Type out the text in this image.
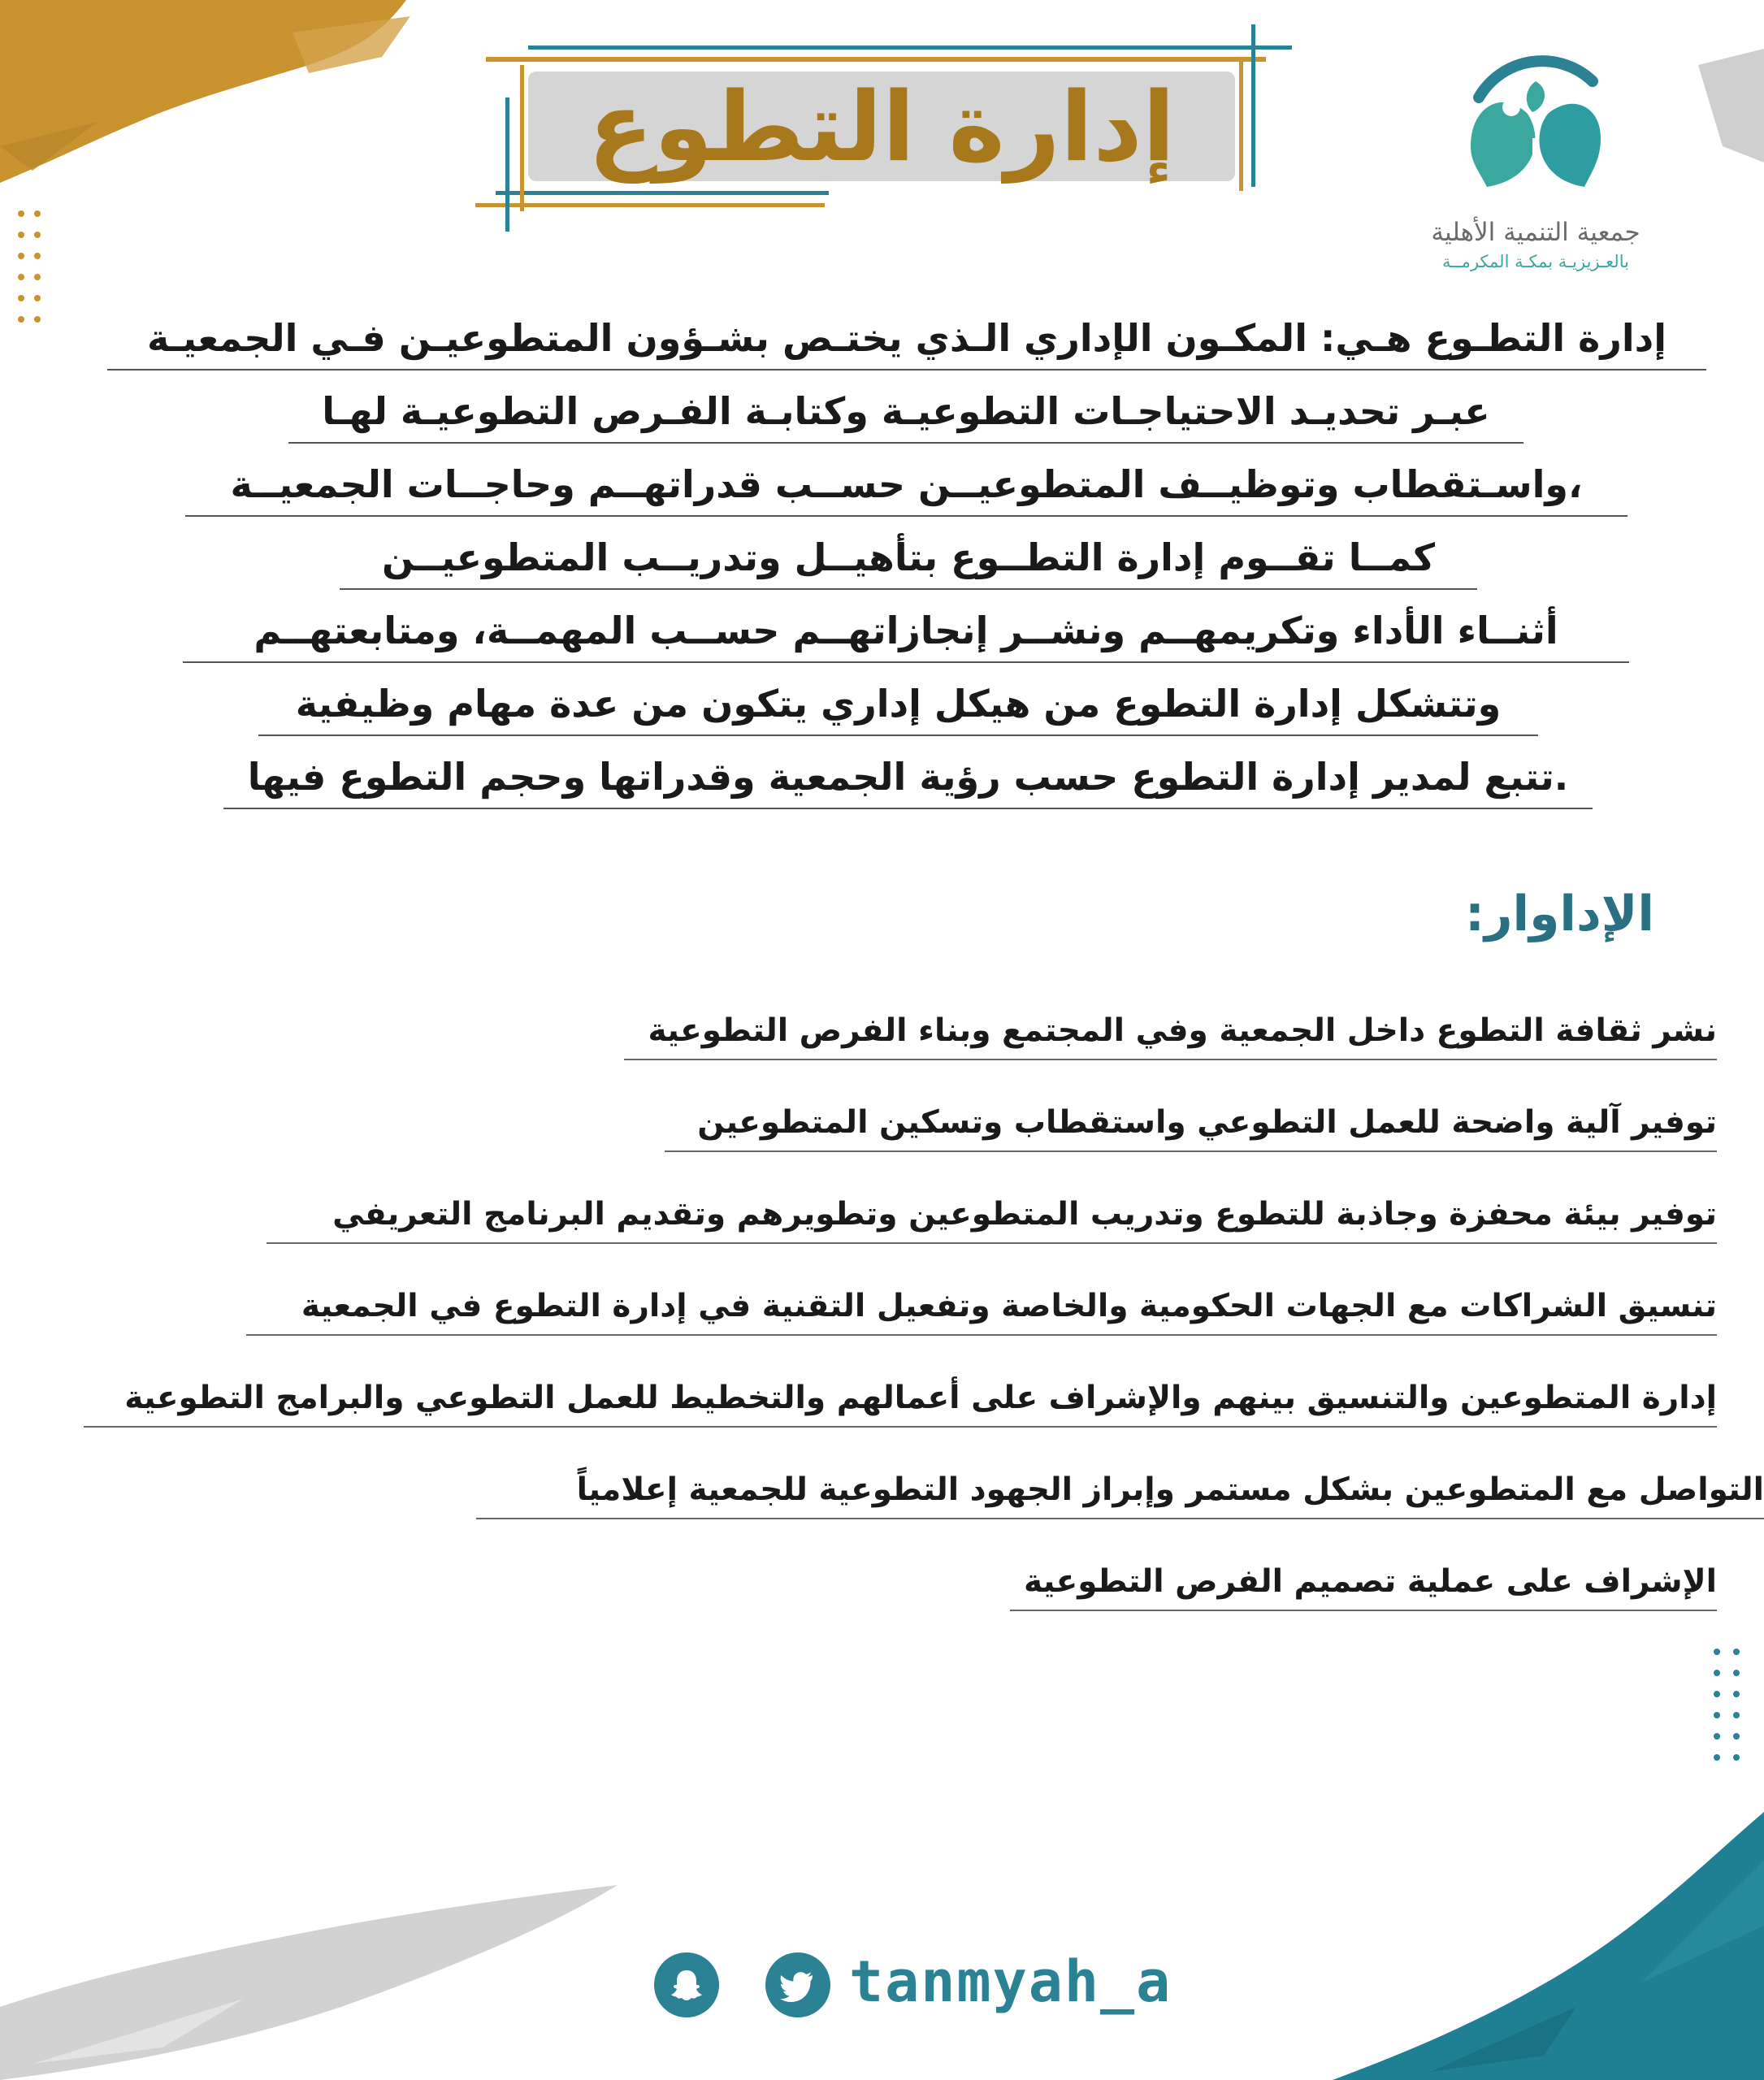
إدارة التطوع
جمعية التنمية الأهلية
بالعـزيزيـة بمكـة المكرمــة
إدارة التطـوع هـي: المكـون الإداري الـذي يختـص بشـؤون المتطوعيـن فـي الجمعيـة
عبـر تحديـد الاحتياجـات التطوعيـة وكتابـة الفـرص التطوعيـة لهـا
،واسـتقطاب وتوظيــف المتطوعيــن حســب قدراتهــم وحاجــات الجمعيــة
كمــا تقــوم إدارة التطــوع بتأهيــل وتدريــب المتطوعيــن
أثنــاء الأداء وتكريمهــم ونشــر إنجازاتهــم حســب المهمــة، ومتابعتهــم
وتتشكل إدارة التطوع من هيكل إداري يتكون من عدة مهام وظيفية
.تتبع لمدير إدارة التطوع حسب رؤية الجمعية وقدراتها وحجم التطوع فيها
الإداوار:
نشر ثقافة التطوع داخل الجمعية وفي المجتمع وبناء الفرص التطوعية
توفير آلية واضحة للعمل التطوعي واستقطاب وتسكين المتطوعين
توفير بيئة محفزة وجاذبة للتطوع وتدريب المتطوعين وتطويرهم وتقديم البرنامج التعريفي
تنسيق الشراكات مع الجهات الحكومية والخاصة وتفعيل التقنية في إدارة التطوع في الجمعية
إدارة المتطوعين والتنسيق بينهم والإشراف على أعمالهم والتخطيط للعمل التطوعي والبرامج التطوعية
التواصل مع المتطوعين بشكل مستمر وإبراز الجهود التطوعية للجمعية إعلامياً
الإشراف على عملية تصميم الفرص التطوعية
tanmyah_a
